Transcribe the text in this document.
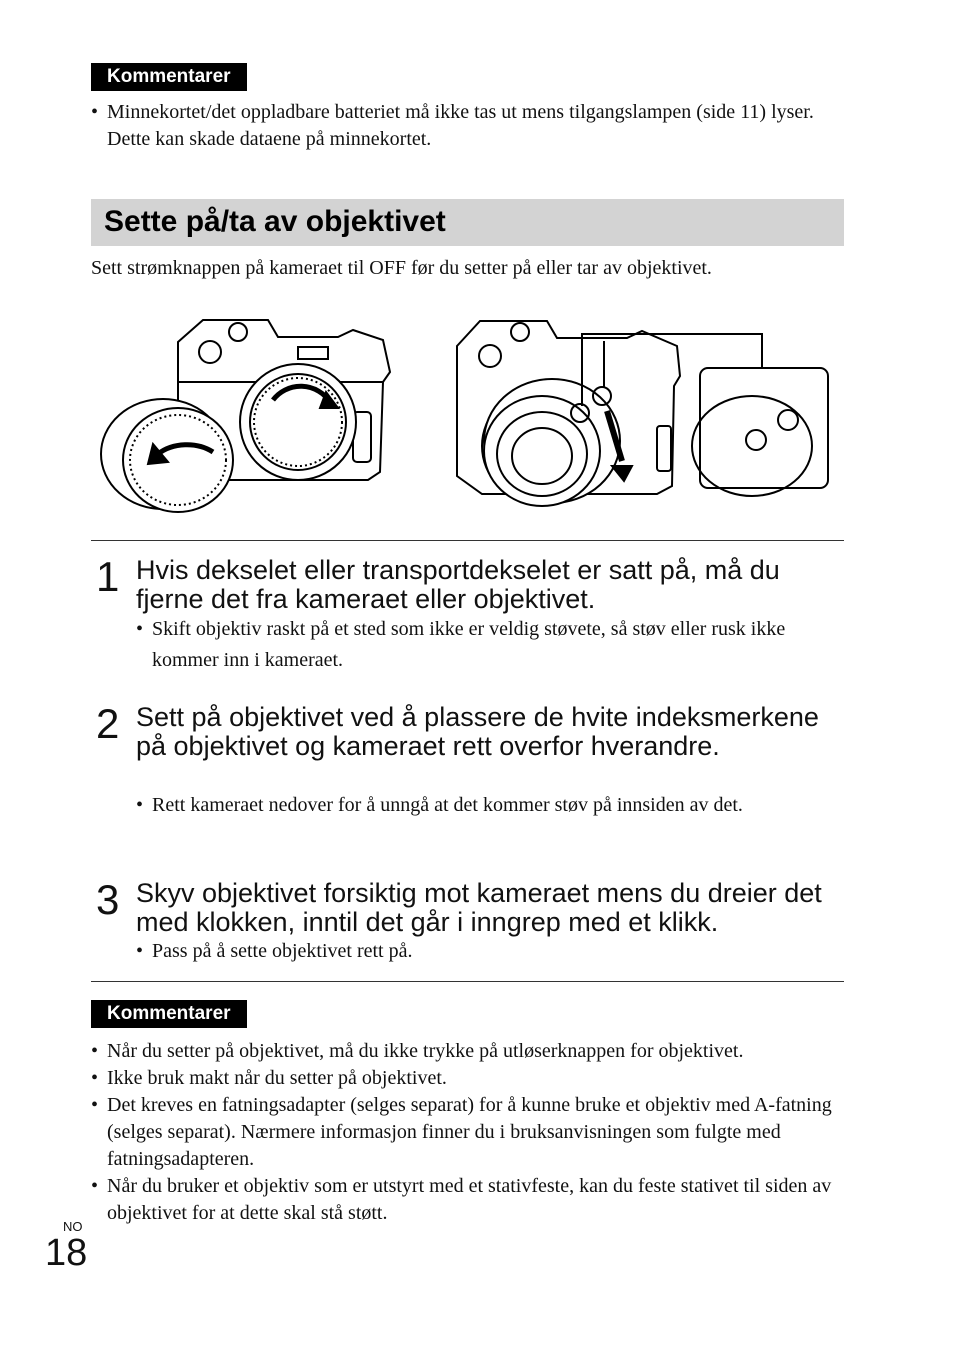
Kommentarer
• Minnekortet/det oppladbare batteriet må ikke tas ut mens tilgangslampen (side 11) lyser. Dette kan skade dataene på minnekortet.
Sette på/ta av objektivet

Sett strømknappen på kameraet til OFF før du setter på eller tar av objektivet.

1 Hvis dekselet eller transportdekselet er satt på, må du fjerne det fra kameraet eller objektivet.
• Skift objektiv raskt på et sted som ikke er veldig støvete, så støv eller rusk ikke kommer inn i kameraet.
2 Sett på objektivet ved å plassere de hvite indeksmerkene på objektivet og kameraet rett overfor hverandre.
• Rett kameraet nedover for å unngå at det kommer støv på innsiden av det.
3 Skyv objektivet forsiktig mot kameraet mens du dreier det med klokken, inntil det går i inngrep med et klikk.
• Pass på å sette objektivet rett på.
Kommentarer
• Når du setter på objektivet, må du ikke trykke på utløserknappen for objektivet.
• Ikke bruk makt når du setter på objektivet.
• Det kreves en fatningsadapter (selges separat) for å kunne bruke et objektiv med A-fatning (selges separat). Nærmere informasjon finner du i bruksanvisningen som fulgte med fatningsadapteren.
• Når du bruker et objektiv som er utstyrt med et stativfeste, kan du feste stativet til siden av objektivet for at dette skal stå støtt.
NO
18
